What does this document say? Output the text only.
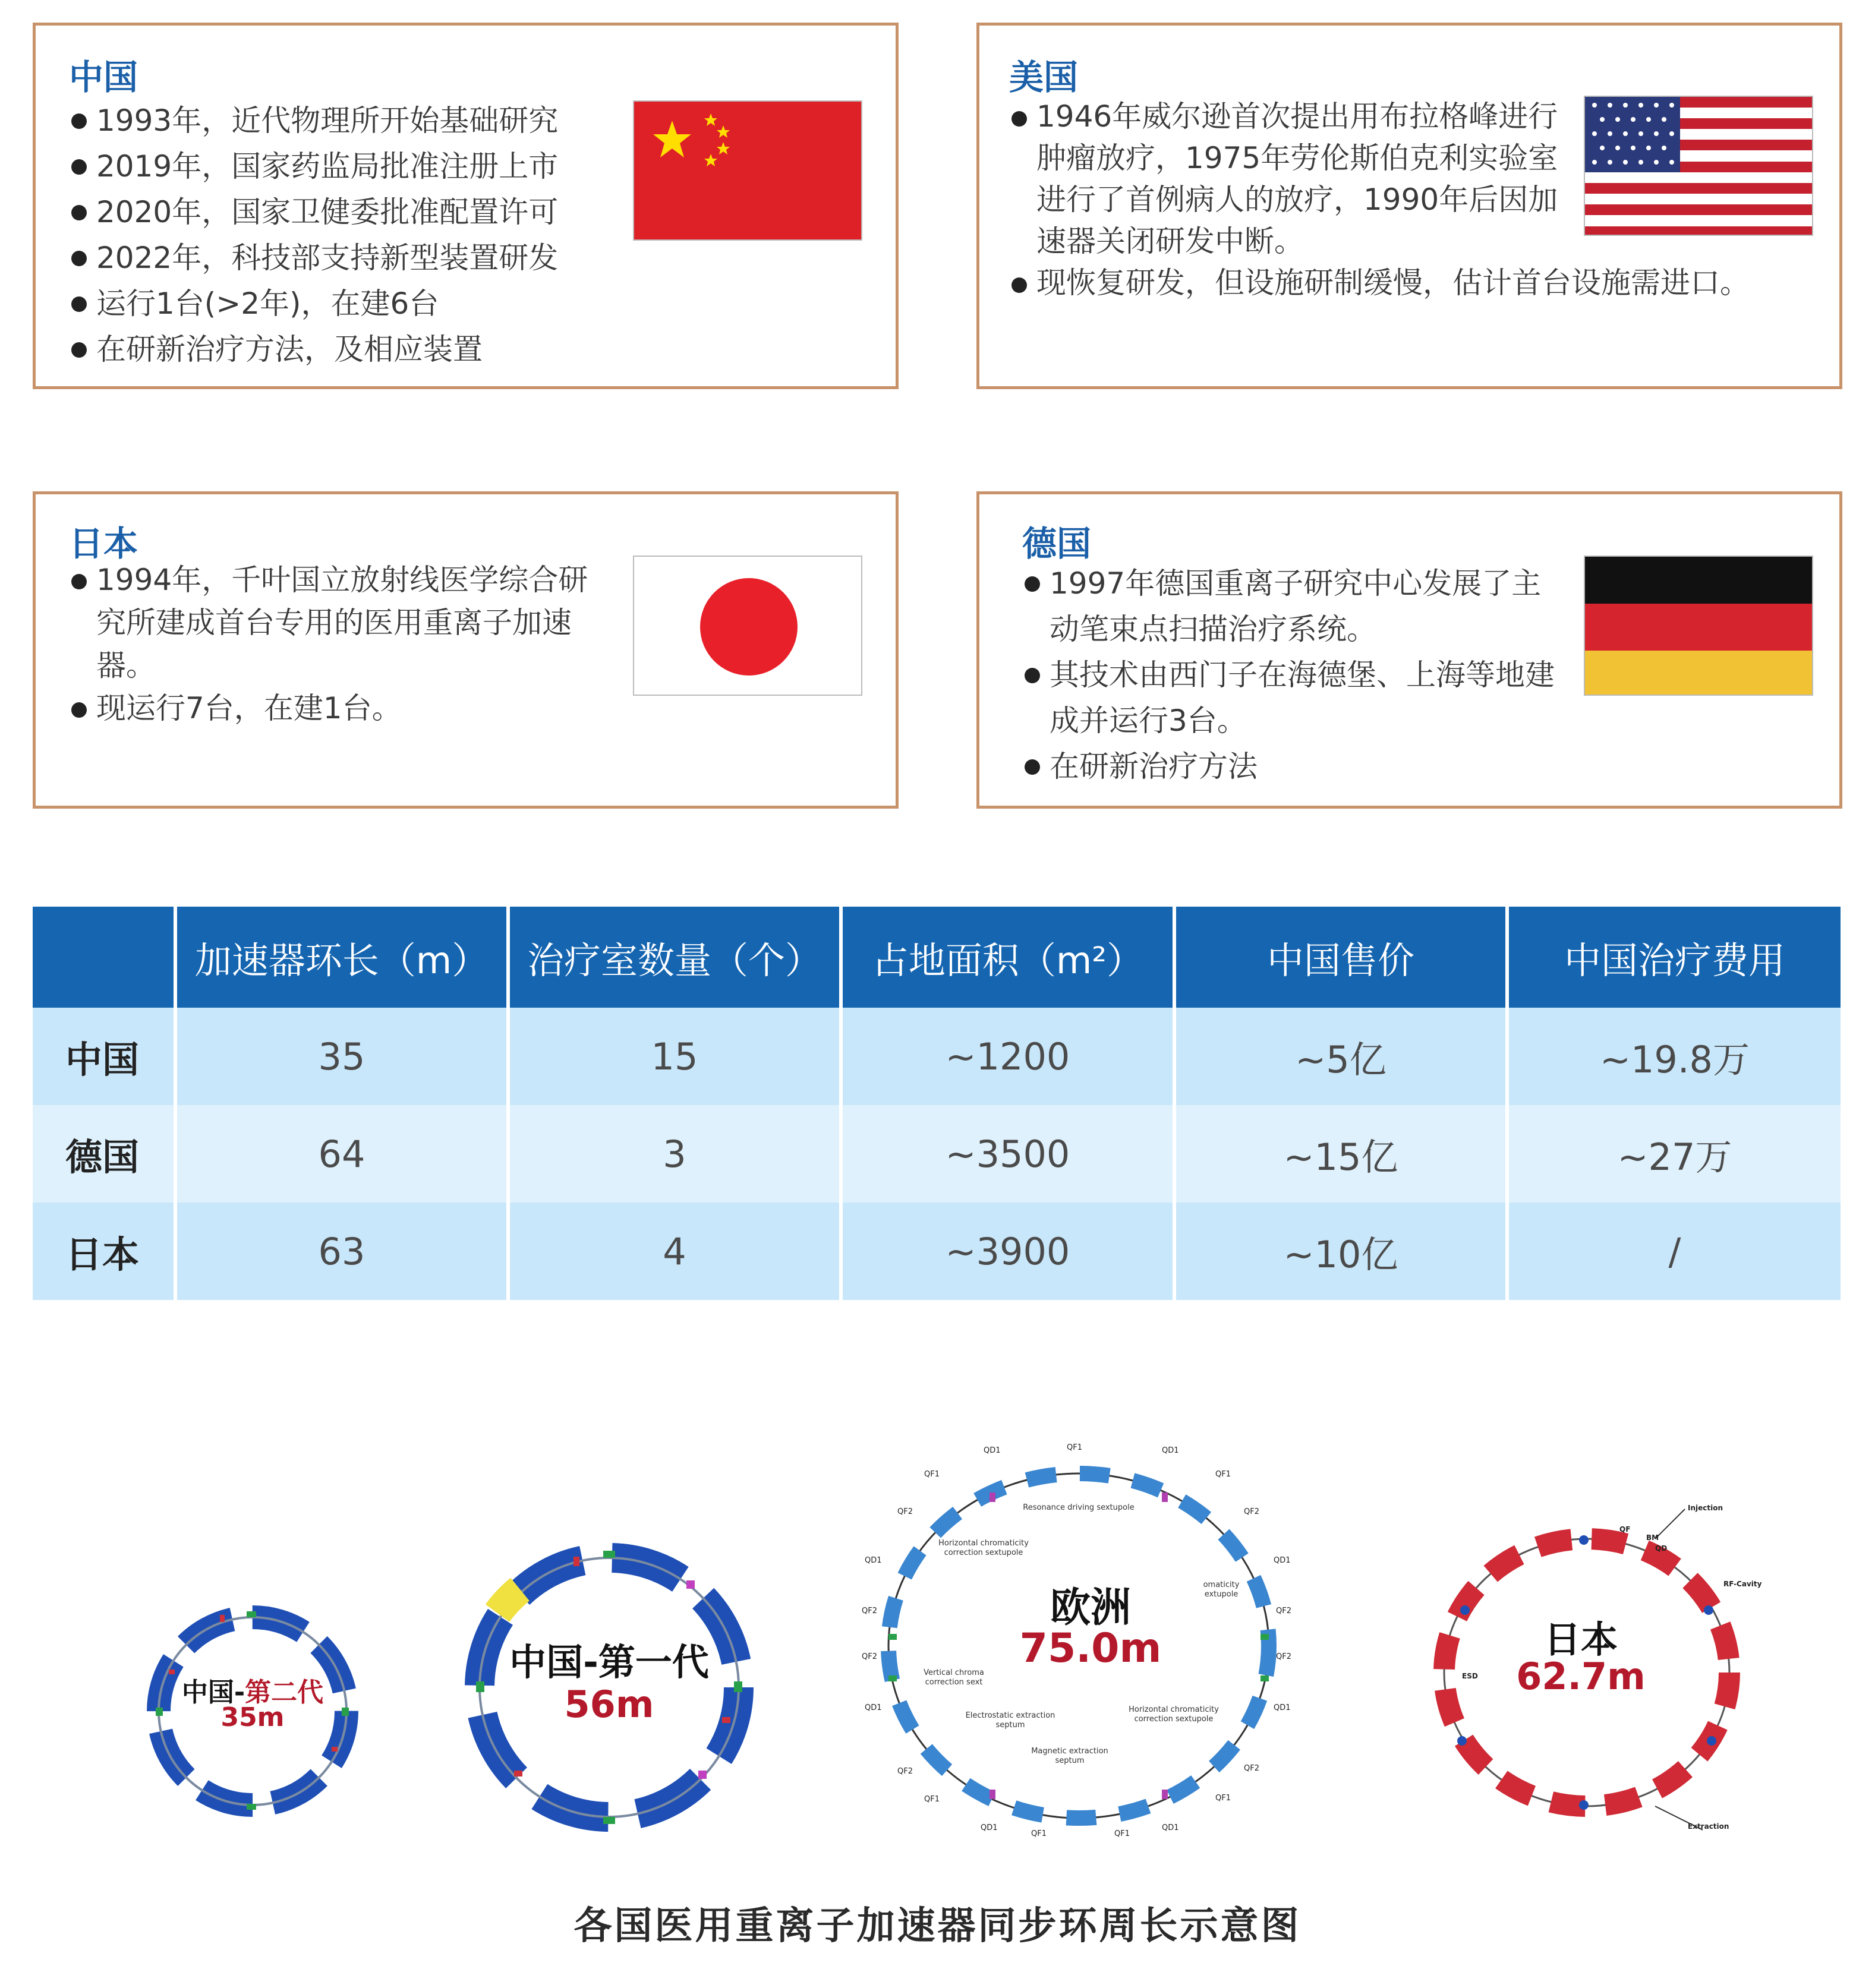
中国
1993年，近代物理所开始基础研究
2019年，国家药监局批准注册上市
2020年，国家卫健委批准配置许可
2022年，科技部支持新型装置研发
运行1台(>2年)，在建6台
在研新治疗方法，及相应装置
美国
1946年威尔逊首次提出用布拉格峰进行肿瘤放疗，1975年劳伦斯伯克利实验室进行了首例病人的放疗，1990年后因加速器关闭研发中断。
现恢复研发，但设施研制缓慢，估计首台设施需进口。
日本
1994年，千叶国立放射线医学综合研究所建成首台专用的医用重离子加速器。
现运行7台，在建1台。
德国
1997年德国重离子研究中心发展了主动笔束点扫描治疗系统。
其技术由西门子在海德堡、上海等地建成并运行3台。
在研新治疗方法
	加速器环长（m）	治疗室数量（个）	占地面积（m²）	中国售价	中国治疗费用
中国	35	15	~1200	~5亿	~19.8万
德国	64	3	~3500	~15亿	~27万
日本	63	4	~3900	~10亿	/
中国-第二代
35m
中国-第一代
56m
QF1
QD1	QD1
QF1	QF1
QF2	QF2
QD1	QD1
QF2	QF2
QF2	QF2
QD1	QD1
QF2	QF2
QF1	QF1
QD1	QD1
QF1	QF1
Resonance driving sextupole
Horizontal chromaticity correction sextupole
omaticity extupole
Vertical chroma correction sext
Horizontal chromaticity correction sextupole
Electrostatic extraction septum
Magnetic extraction septum
欧洲
75.0m
Injection
Extraction
RF-Cavity
ESD
QF
QD
BM
日本
62.7m
各国医用重离子加速器同步环周长示意图
